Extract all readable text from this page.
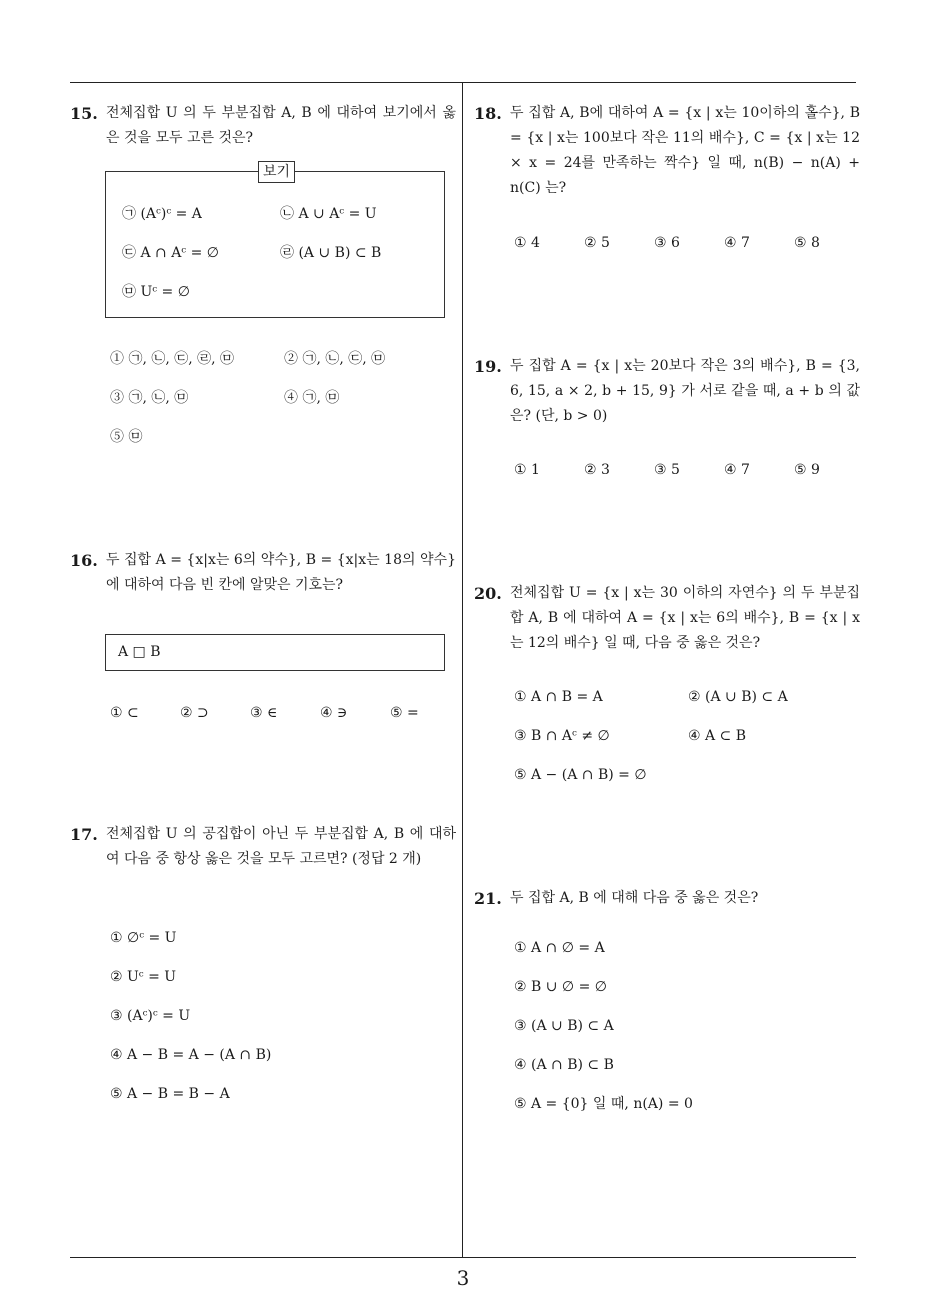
15. 전체집합 U 의 두 부분집합 A, B 에 대하여 보기에서 옳은 것을 모두 고른 것은?
보기
㉠ (Aᶜ)ᶜ = A	㉡ A ∪ Aᶜ = U
㉢ A ∩ Aᶜ = ∅	㉣ (A ∪ B) ⊂ B
㉤ Uᶜ = ∅
① ㉠, ㉡, ㉢, ㉣, ㉤	② ㉠, ㉡, ㉢, ㉤
③ ㉠, ㉡, ㉤	④ ㉠, ㉤
⑤ ㉤
16. 두 집합 A = {x|x는 6의 약수}, B = {x|x는 18의 약수} 에 대하여 다음 빈 칸에 알맞은 기호는?
A □ B
① ⊂	② ⊃	③ ∈	④ ∋	⑤ =
17. 전체집합 U 의 공집합이 아닌 두 부분집합 A, B 에 대하여 다음 중 항상 옳은 것을 모두 고르면? (정답 2 개)
① ∅ᶜ = U
② Uᶜ = U
③ (Aᶜ)ᶜ = U
④ A − B = A − (A ∩ B)
⑤ A − B = B − A
18. 두 집합 A, B에 대하여 A = {x | x는 10이하의 홀수}, B = {x | x는 100보다 작은 11의 배수}, C = {x | x는 12 × x = 24를 만족하는 짝수} 일 때, n(B) − n(A) + n(C) 는?
① 4	② 5	③ 6	④ 7	⑤ 8
19. 두 집합 A = {x | x는 20보다 작은 3의 배수}, B = {3, 6, 15, a × 2, b + 15, 9} 가 서로 같을 때, a + b 의 값은? (단, b > 0)
① 1	② 3	③ 5	④ 7	⑤ 9
20. 전체집합 U = {x | x는 30 이하의 자연수} 의 두 부분집합 A, B 에 대하여 A = {x | x는 6의 배수}, B = {x | x는 12의 배수} 일 때, 다음 중 옳은 것은?
① A ∩ B = A	② (A ∪ B) ⊂ A
③ B ∩ Aᶜ ≠ ∅	④ A ⊂ B
⑤ A − (A ∩ B) = ∅
21. 두 집합 A, B 에 대해 다음 중 옳은 것은?
① A ∩ ∅ = A
② B ∪ ∅ = ∅
③ (A ∪ B) ⊂ A
④ (A ∩ B) ⊂ B
⑤ A = {0} 일 때, n(A) = 0
3
